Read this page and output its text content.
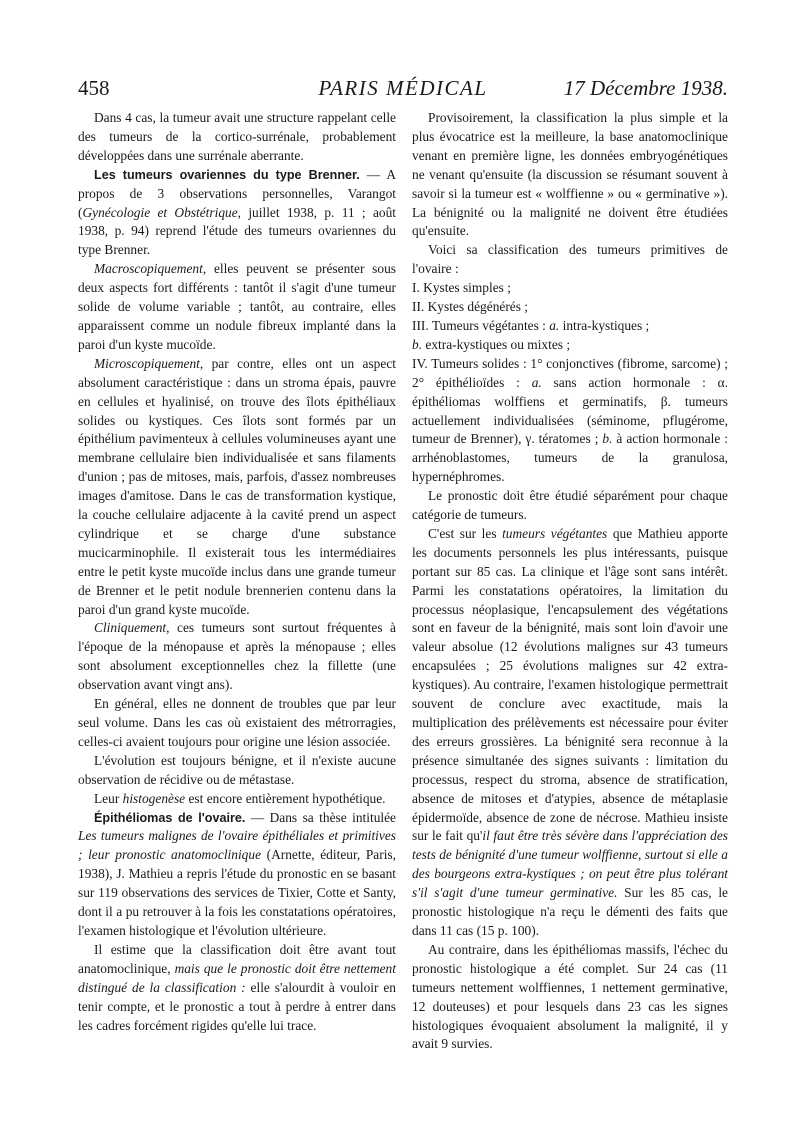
458	PARIS MÉDICAL	17 Décembre 1938.

Dans 4 cas, la tumeur avait une structure rappelant celle des tumeurs de la cortico-surrénale, probablement développées dans une surrénale aberrante.

Les tumeurs ovariennes du type Brenner. — A propos de 3 observations personnelles, Varangot (Gynécologie et Obstétrique, juillet 1938, p. 11 ; août 1938, p. 94) reprend l'étude des tumeurs ovariennes du type Brenner.

Macroscopiquement, elles peuvent se présenter sous deux aspects fort différents : tantôt il s'agit d'une tumeur solide de volume variable ; tantôt, au contraire, elles apparaissent comme un nodule fibreux implanté dans la paroi d'un kyste mucoïde.

Microscopiquement, par contre, elles ont un aspect absolument caractéristique : dans un stroma épais, pauvre en cellules et hyalinisé, on trouve des îlots épithéliaux solides ou kystiques. Ces îlots sont formés par un épithélium pavimenteux à cellules volumineuses ayant une membrane cellulaire bien individualisée et sans filaments d'union ; pas de mitoses, mais, parfois, d'assez nombreuses images d'amitose. Dans le cas de transformation kystique, la couche cellulaire adjacente à la cavité prend un aspect cylindrique et se charge d'une substance mucicarminophile. Il existerait tous les intermédiaires entre le petit kyste mucoïde inclus dans une grande tumeur de Brenner et le petit nodule brennerien contenu dans la paroi d'un grand kyste mucoïde.

Cliniquement, ces tumeurs sont surtout fréquentes à l'époque de la ménopause et après la ménopause ; elles sont absolument exceptionnelles chez la fillette (une observation avant vingt ans).

En général, elles ne donnent de troubles que par leur seul volume. Dans les cas où existaient des métrorragies, celles-ci avaient toujours pour origine une lésion associée.

L'évolution est toujours bénigne, et il n'existe aucune observation de récidive ou de métastase.

Leur histogenèse est encore entièrement hypothétique.

Épithéliomas de l'ovaire. — Dans sa thèse intitulée Les tumeurs malignes de l'ovaire épithéliales et primitives ; leur pronostic anatomoclinique (Arnette, éditeur, Paris, 1938), J. Mathieu a repris l'étude du pronostic en se basant sur 119 observations des services de Tixier, Cotte et Santy, dont il a pu retrouver à la fois les constatations opératoires, l'examen histologique et l'évolution ultérieure.

Il estime que la classification doit être avant tout anatomoclinique, mais que le pronostic doit être nettement distingué de la classification : elle s'alourdit à vouloir en tenir compte, et le pronostic a tout à perdre à entrer dans les cadres forcément rigides qu'elle lui trace.

Provisoirement, la classification la plus simple et la plus évocatrice est la meilleure, la base anatomoclinique venant en première ligne, les données embryogénétiques ne venant qu'ensuite (la discussion se résumant souvent à savoir si la tumeur est « wolffienne » ou « germinative »). La bénignité ou la malignité ne doivent être étudiées qu'ensuite.

Voici sa classification des tumeurs primitives de l'ovaire :

I. Kystes simples ;

II. Kystes dégénérés ;

III. Tumeurs végétantes : a. intra-kystiques ;

b. extra-kystiques ou mixtes ;

IV. Tumeurs solides : 1° conjonctives (fibrome, sarcome) ; 2° épithélioïdes : a. sans action hormonale : α. épithéliomas wolffiens et germinatifs, β. tumeurs actuellement individualisées (séminome, pflugérome, tumeur de Brenner), γ. tératomes ; b. à action hormonale : arrhénoblastomes, tumeurs de la granulosa, hypernéphromes.

Le pronostic doit être étudié séparément pour chaque catégorie de tumeurs.

C'est sur les tumeurs végétantes que Mathieu apporte les documents personnels les plus intéressants, puisque portant sur 85 cas. La clinique et l'âge sont sans intérêt. Parmi les constatations opératoires, la limitation du processus néoplasique, l'encapsulement des végétations sont en faveur de la bénignité, mais sont loin d'avoir une valeur absolue (12 évolutions malignes sur 43 tumeurs encapsulées ; 25 évolutions malignes sur 42 extra-kystiques). Au contraire, l'examen histologique permettrait souvent de conclure avec exactitude, mais la multiplication des prélèvements est nécessaire pour éviter des erreurs grossières. La bénignité sera reconnue à la présence simultanée des signes suivants : limitation du processus, respect du stroma, absence de stratification, absence de mitoses et d'atypies, absence de métaplasie épidermoïde, absence de zone de nécrose. Mathieu insiste sur le fait qu'il faut être très sévère dans l'appréciation des tests de bénignité d'une tumeur wolffienne, surtout si elle a des bourgeons extra-kystiques ; on peut être plus tolérant s'il s'agit d'une tumeur germinative. Sur les 85 cas, le pronostic histologique n'a reçu le démenti des faits que dans 11 cas (15 p. 100).

Au contraire, dans les épithéliomas massifs, l'échec du pronostic histologique a été complet. Sur 24 cas (11 tumeurs nettement wolffiennes, 1 nettement germinative, 12 douteuses) et pour lesquels dans 23 cas les signes histologiques évoquaient absolument la malignité, il y avait 9 survies.
